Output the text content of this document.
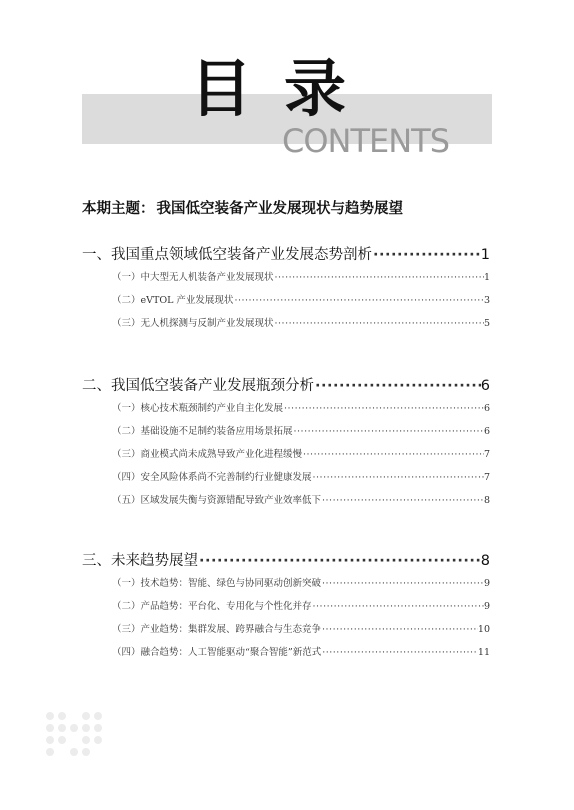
目录
CONTENTS
本期主题： 我国低空装备产业发展现状与趋势展望
一、我国重点领域低空装备产业发展态势剖析 ·····	1
（一）中大型无人机装备产业发展现状 ·····	1
（二）eVTOL 产业发展现状 ·····	3
（三）无人机探测与反制产业发展现状 ·····	5
二、我国低空装备产业发展瓶颈分析 ·····	6
（一）核心技术瓶颈制约产业自主化发展 ·····	6
（二）基础设施不足制约装备应用场景拓展 ·····	6
（三）商业模式尚未成熟导致产业化进程缓慢 ·····	7
（四）安全风险体系尚不完善制约行业健康发展 ·····	7
（五）区域发展失衡与资源错配导致产业效率低下 ·····	8
三、未来趋势展望 ·····	8
（一）技术趋势：智能、绿色与协同驱动创新突破 ·····	9
（二）产品趋势：平台化、专用化与个性化并存 ·····	9
（三）产业趋势：集群发展、跨界融合与生态竞争 ·····	10
（四）融合趋势：人工智能驱动“聚合智能”新范式 ·····	11
